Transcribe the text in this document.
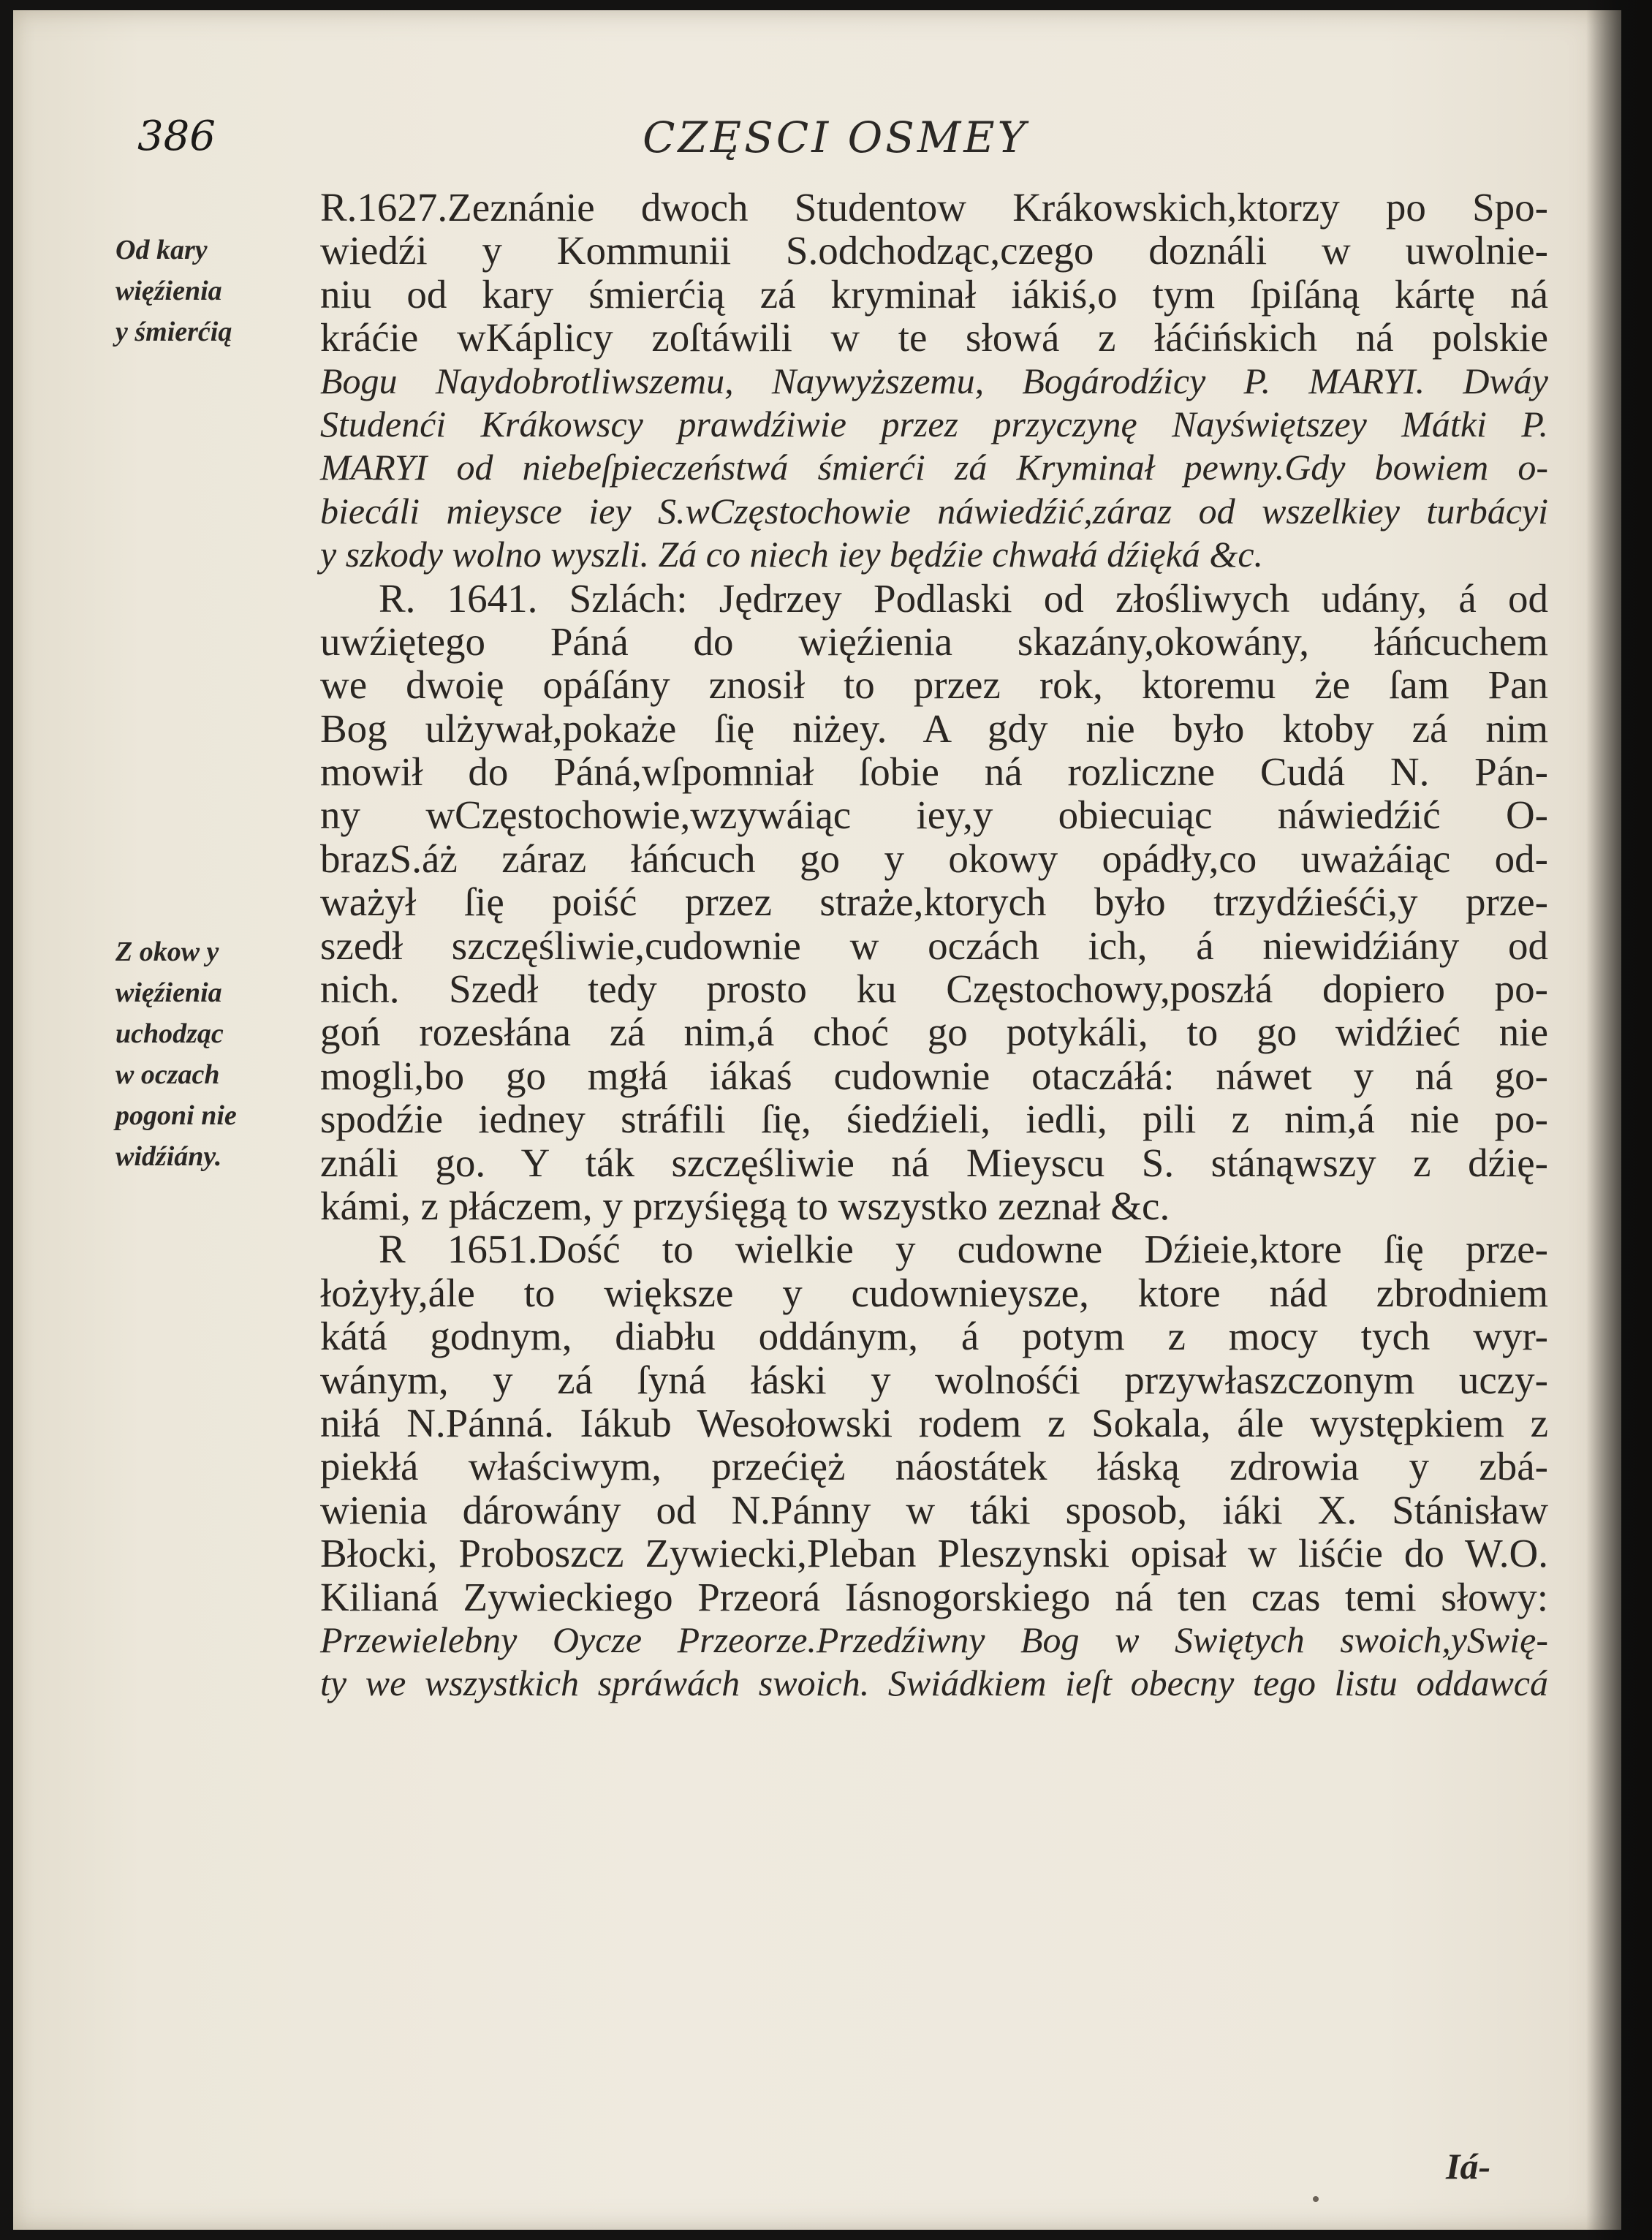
386	CZĘSCI OSMEY
Od kary
więźienia
y śmierćią
Z okow y
więźienia
uchodząc
w oczach
pogoni nie
widźiány.
R.1627.Zeznánie dwoch Studentow Krákowskich,ktorzy po Spo-
wiedźi y Kommunii S.odchodząc,czego doználi w uwolnie-
niu od kary śmierćią zá kryminał iákiś,o tym ſpiſáną kártę ná
kráćie wKáplicy zoſtáwili w te słowá z łáćińskich ná polskie
Bogu Naydobrotliwszemu, Naywyższemu, Bogárodźicy P. MARYI. Dwáy
Studenći Krákowscy prawdźiwie przez przyczynę Nayświętszey Mátki P.
MARYI od niebeſpieczeństwá śmierći zá Kryminał pewny.Gdy bowiem o-
biecáli mieysce iey S.wCzęstochowie náwiedźić,záraz od wszelkiey turbácyi
y szkody wolno wyszli. Zá co niech iey będźie chwałá dźięká &c.
R. 1641. Szlách: Jędrzey Podlaski od złośliwych udány, á od
uwźiętego Páná do więźienia skazány,okowány, łáńcuchem
we dwoię opáſány znosił to przez rok, ktoremu że ſam Pan
Bog ulżywał,pokaże ſię niżey. A gdy nie było ktoby zá nim
mowił do Páná,wſpomniał ſobie ná rozliczne Cudá N. Pán-
ny wCzęstochowie,wzywáiąc iey,y obiecuiąc náwiedźić O-
brazS.áż záraz łáńcuch go y okowy opádły,co uważáiąc od-
ważył ſię poiść przez straże,ktorych było trzydźieśći,y prze-
szedł szczęśliwie,cudownie w oczách ich, á niewidźiány od
nich. Szedł tedy prosto ku Częstochowy,poszłá dopiero po-
goń rozesłána zá nim,á choć go potykáli, to go widźieć nie
mogli,bo go mgłá iákaś cudownie otaczáłá: náwet y ná go-
spodźie iedney stráfili ſię, śiedźieli, iedli, pili z nim,á nie po-
ználi go. Y ták szczęśliwie ná Mieyscu S. stánąwszy z dźię-
kámi, z płáczem, y przyśięgą to wszystko zeznał &c.
R 1651.Dość to wielkie y cudowne Dźieie,ktore ſię prze-
łożyły,ále to większe y cudownieysze, ktore nád zbrodniem
kátá godnym, diabłu oddánym, á potym z mocy tych wyr-
wánym, y zá ſyná łáski y wolnośći przywłaszczonym uczy-
niłá N.Pánná. Iákub Wesołowski rodem z Sokala, ále występkiem z
piekłá właściwym, przećięż náostátek łáską zdrowia y zbá-
wienia dárowány od N.Pánny w táki sposob, iáki X. Stánisław
Błocki, Proboszcz Zywiecki,Pleban Pleszynski opisał w liśćie do W.O.
Kilianá Zywieckiego Przeorá Iásnogorskiego ná ten czas temi słowy:
Przewielebny Oycze Przeorze.Przedźiwny Bog w Swiętych swoich,ySwię-
ty we wszystkich spráwách swoich. Swiádkiem ieſt obecny tego listu oddawcá
Iá-
